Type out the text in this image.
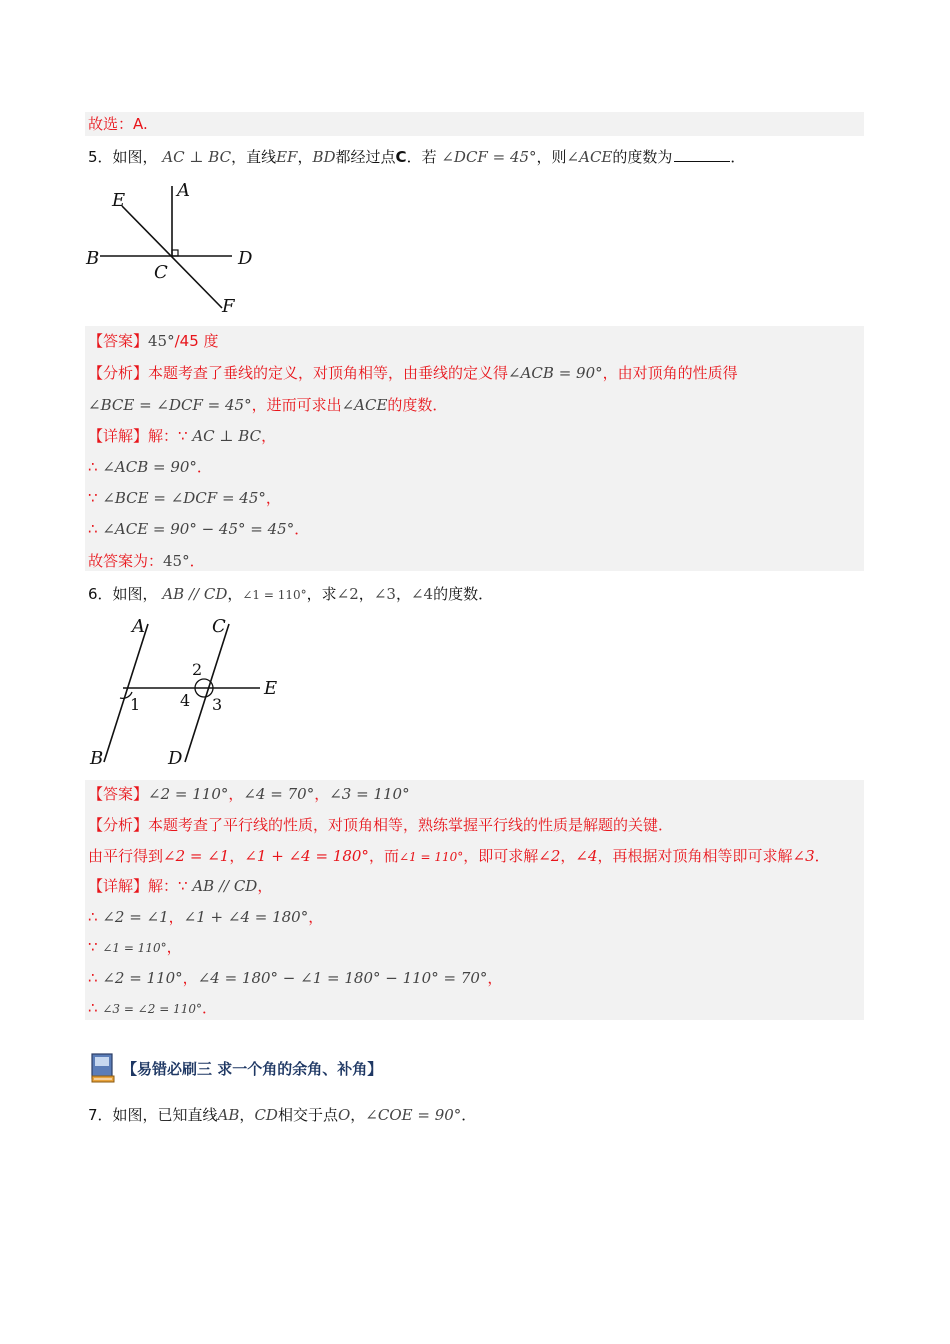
故选：A.
5．如图， AC ⊥ BC，直线EF，BD都经过点C．若 ∠DCF = 45°，则∠ACE的度数为	．
A
E
B
C
D
F
【答案】45°/45 度
【分析】本题考查了垂线的定义，对顶角相等，由垂线的定义得∠ACB = 90°，由对顶角的性质得
∠BCE = ∠DCF = 45°，进而可求出∠ACE的度数．
【详解】解：∵ AC ⊥ BC，
∴ ∠ACB = 90°．
∵ ∠BCE = ∠DCF = 45°，
∴ ∠ACE = 90° − 45° = 45°．
故答案为：45°．
6．如图， AB // CD，∠1 = 110°，求∠2，∠3，∠4的度数．
A	C
E
B	D
1
2
3
4
【答案】∠2 = 110°，∠4 = 70°，∠3 = 110°
【分析】本题考查了平行线的性质，对顶角相等，熟练掌握平行线的性质是解题的关键．
由平行得到∠2 = ∠1，∠1 + ∠4 = 180°，而∠1 = 110°，即可求解∠2，∠4，再根据对顶角相等即可求解∠3．
【详解】解：∵ AB // CD，
∴ ∠2 = ∠1，∠1 + ∠4 = 180°，
∵ ∠1 = 110°，
∴ ∠2 = 110°，∠4 = 180° − ∠1 = 180° − 110° = 70°，
∴ ∠3 = ∠2 = 110°．
【易错必刷三 求一个角的余角、补角】
7．如图，已知直线AB，CD相交于点O，∠COE = 90°．
